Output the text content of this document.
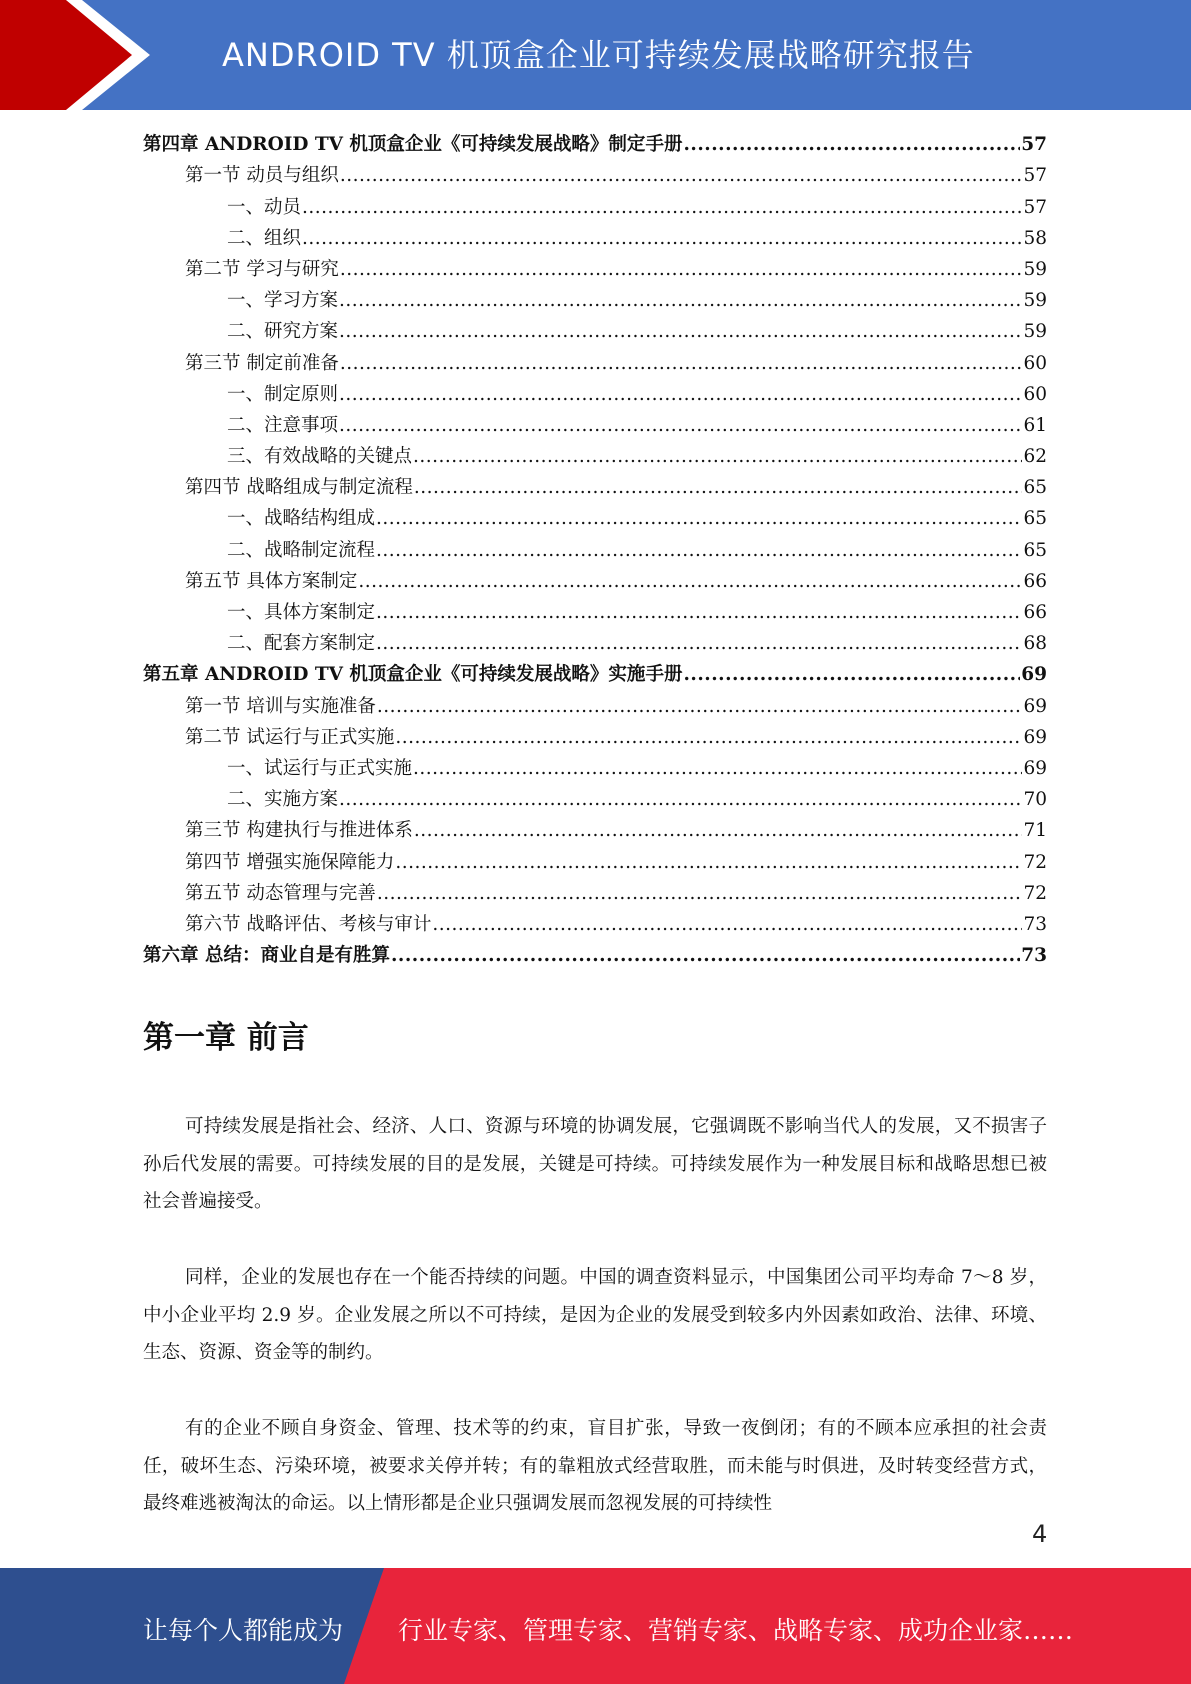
ANDROID TV 机顶盒企业可持续发展战略研究报告
第四章 ANDROID TV 机顶盒企业《可持续发展战略》制定手册 .....	57
第一节 动员与组织 .....	57
一、动员 .....	57
二、组织 .....	58
第二节 学习与研究 .....	59
一、学习方案 .....	59
二、研究方案 .....	59
第三节 制定前准备 .....	60
一、制定原则 .....	60
二、注意事项 .....	61
三、有效战略的关键点 .....	62
第四节 战略组成与制定流程 .....	65
一、战略结构组成 .....	65
二、战略制定流程 .....	65
第五节 具体方案制定 .....	66
一、具体方案制定 .....	66
二、配套方案制定 .....	68
第五章 ANDROID TV 机顶盒企业《可持续发展战略》实施手册 .....	69
第一节 培训与实施准备 .....	69
第二节 试运行与正式实施 .....	69
一、试运行与正式实施 .....	69
二、实施方案 .....	70
第三节 构建执行与推进体系 .....	71
第四节 增强实施保障能力 .....	72
第五节 动态管理与完善 .....	72
第六节 战略评估、考核与审计 .....	73
第六章 总结：商业自是有胜算 .....	73
第一章 前言

可持续发展是指社会、经济、人口、资源与环境的协调发展，它强调既不影响当代人的发展，又不损害子孙后代发展的需要。可持续发展的目的是发展，关键是可持续。可持续发展作为一种发展目标和战略思想已被社会普遍接受。

同样，企业的发展也存在一个能否持续的问题。中国的调查资料显示，中国集团公司平均寿命 7～8 岁，中小企业平均 2.9 岁。企业发展之所以不可持续，是因为企业的发展受到较多内外因素如政治、法律、环境、生态、资源、资金等的制约。

有的企业不顾自身资金、管理、技术等的约束，盲目扩张，导致一夜倒闭；有的不顾本应承担的社会责任，破坏生态、污染环境，被要求关停并转；有的靠粗放式经营取胜，而未能与时俱进，及时转变经营方式，最终难逃被淘汰的命运。以上情形都是企业只强调发展而忽视发展的可持续性

4
让每个人都能成为 行业专家、管理专家、营销专家、战略专家、成功企业家……
